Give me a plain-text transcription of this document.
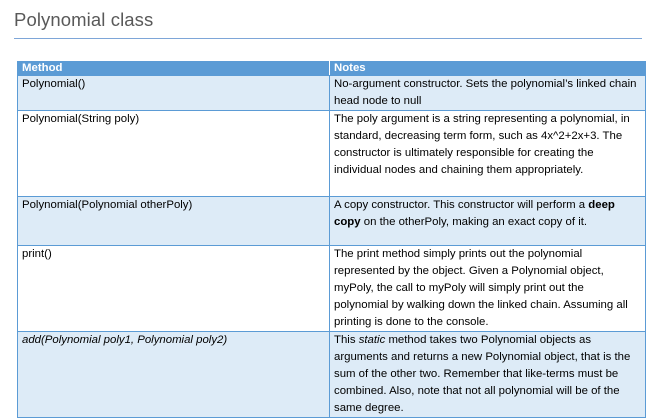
Polynomial class
Method	Notes
Polynomial()	No-argument constructor. Sets the polynomial’s linked chain head node to null
Polynomial(String poly)	The poly argument is a string representing a polynomial, in standard, decreasing term form, such as 4x^2+2x+3. The constructor is ultimately responsible for creating the individual nodes and chaining them appropriately.
Polynomial(Polynomial otherPoly)	A copy constructor. This constructor will perform a deep copy on the otherPoly, making an exact copy of it.
print()	The print method simply prints out the polynomial represented by the object. Given a Polynomial object, myPoly, the call to myPoly will simply print out the polynomial by walking down the linked chain. Assuming all printing is done to the console.
add(Polynomial poly1, Polynomial poly2)	This static method takes two Polynomial objects as arguments and returns a new Polynomial object, that is the sum of the other two. Remember that like-terms must be combined. Also, note that not all polynomial will be of the same degree.
